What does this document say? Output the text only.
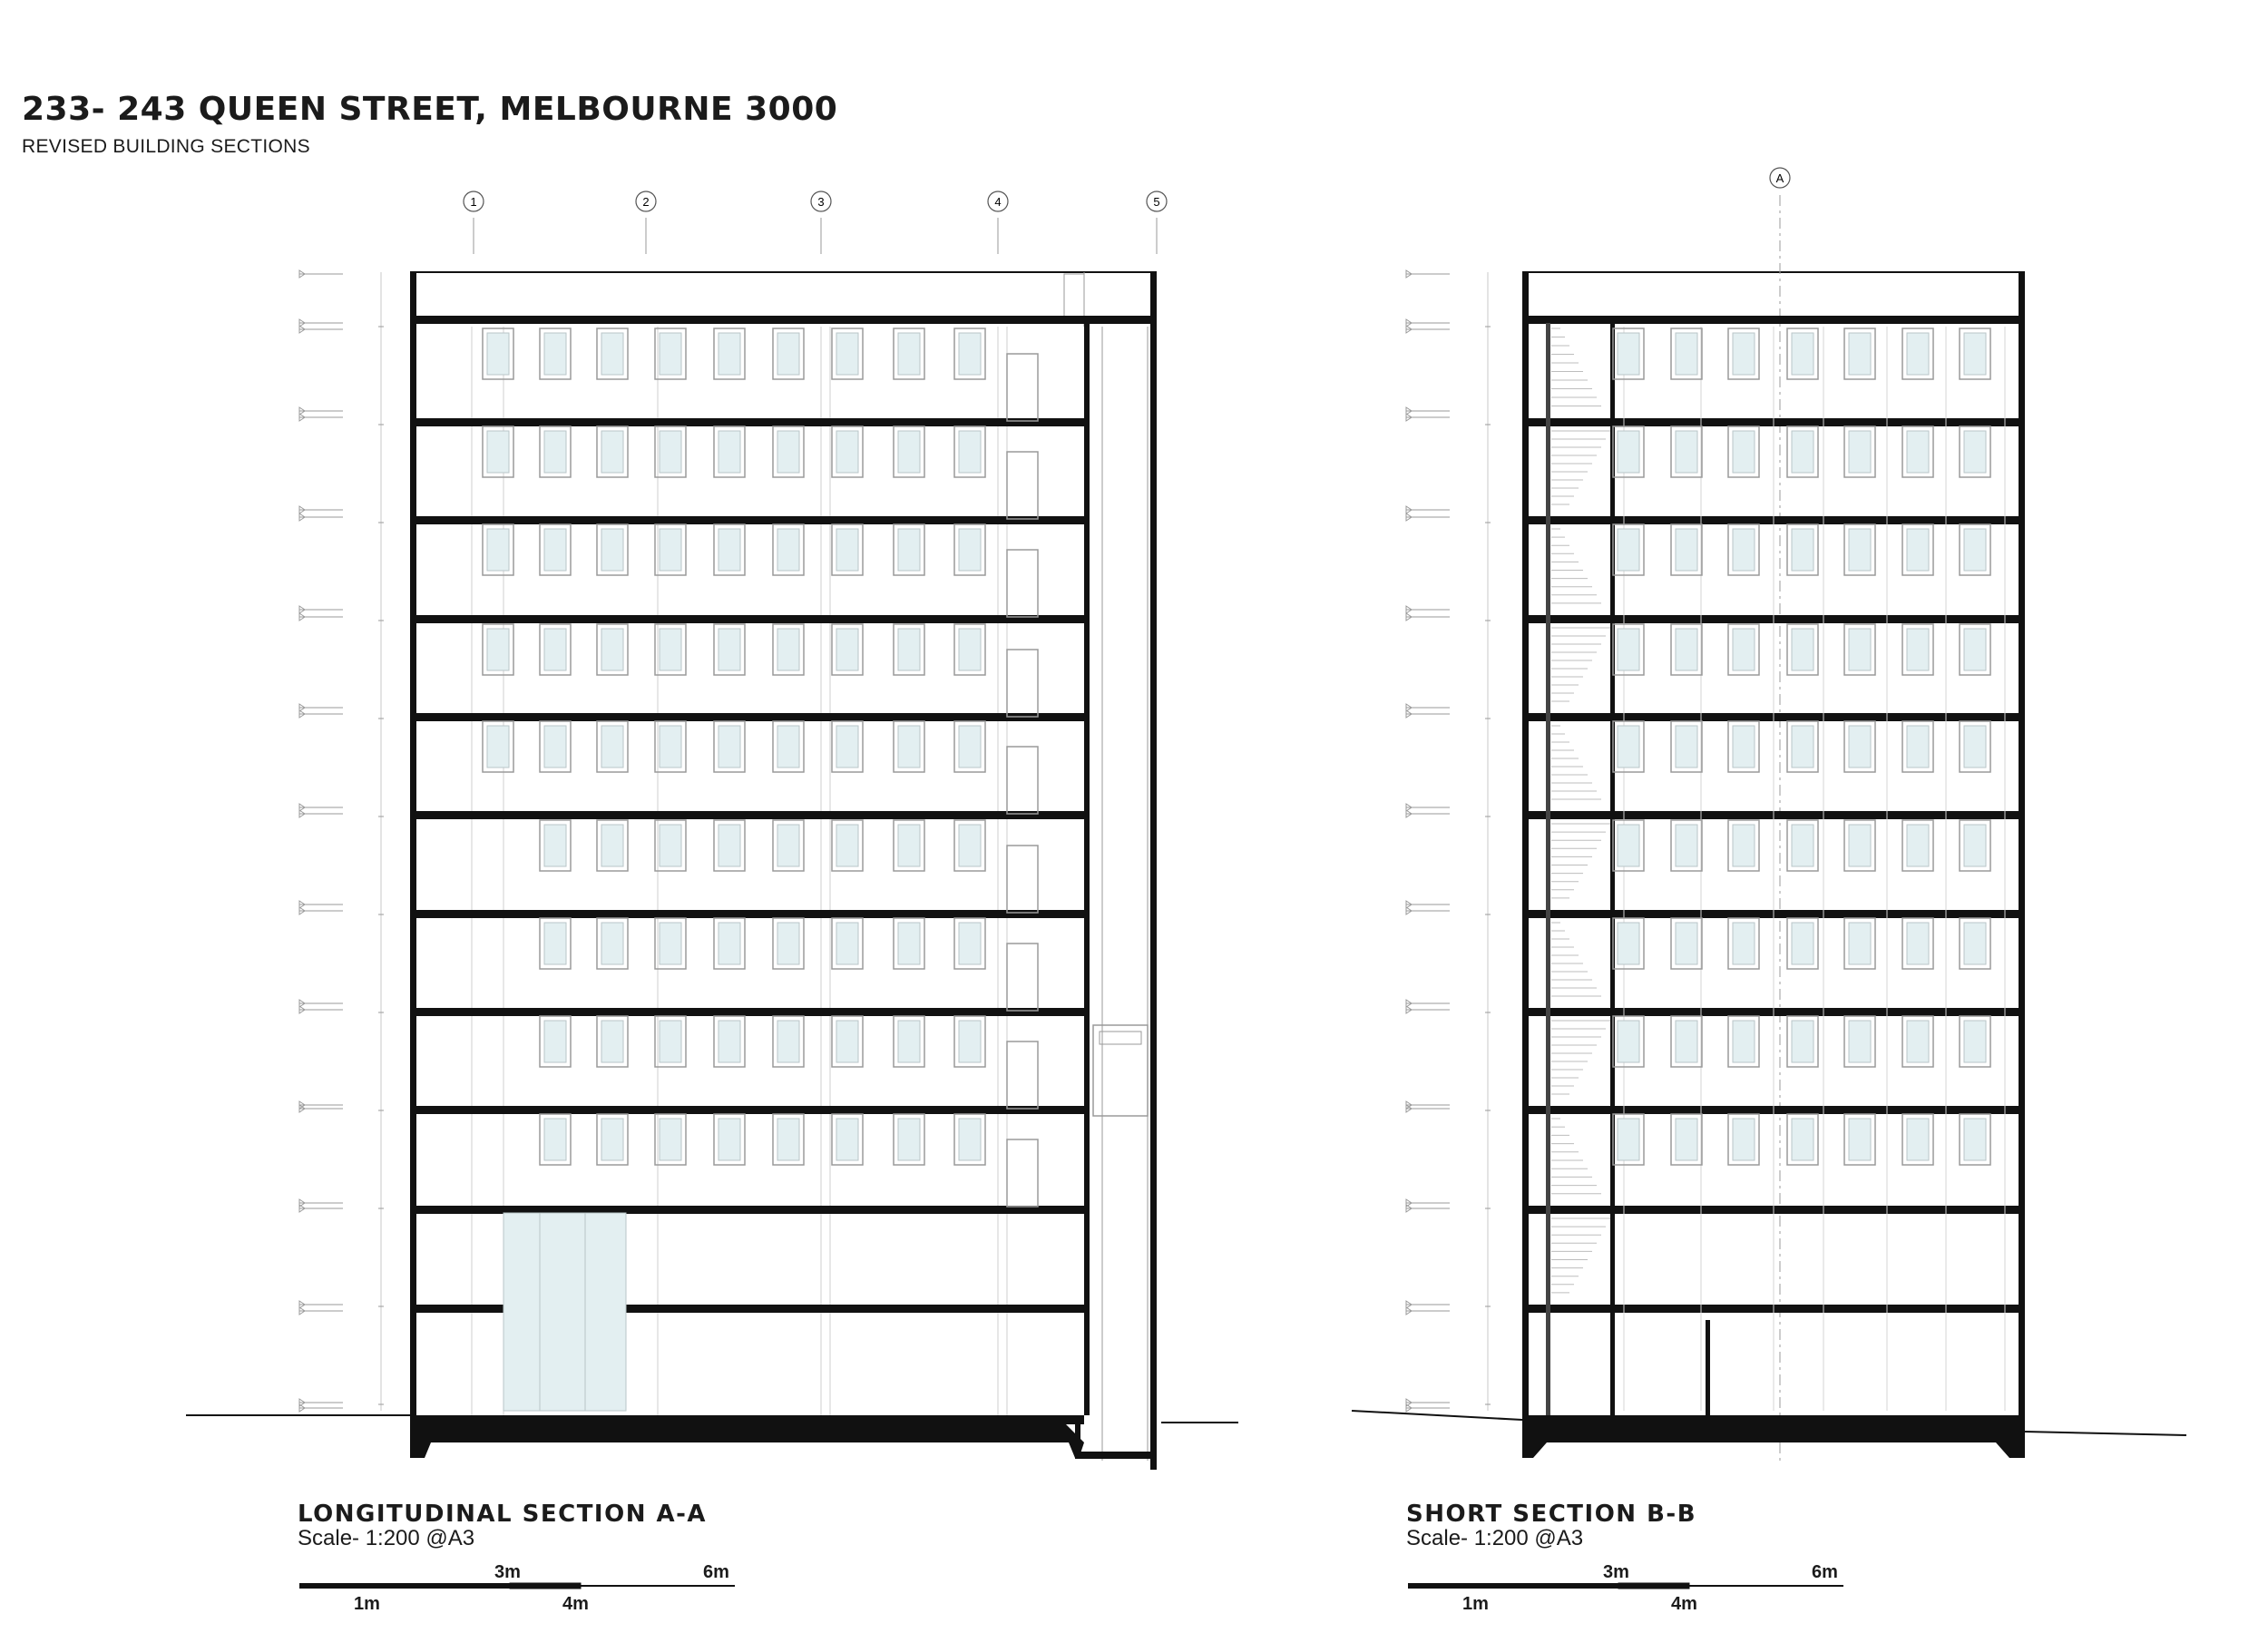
233- 243 QUEEN STREET, MELBOURNE 3000
REVISED BUILDING SECTIONS
1	2	3	4	5
A
LONGITUDINAL SECTION A-A
Scale- 1:200 @A3
3m	6m
1m	4m
SHORT SECTION B-B
Scale- 1:200 @A3
3m	6m
1m	4m
